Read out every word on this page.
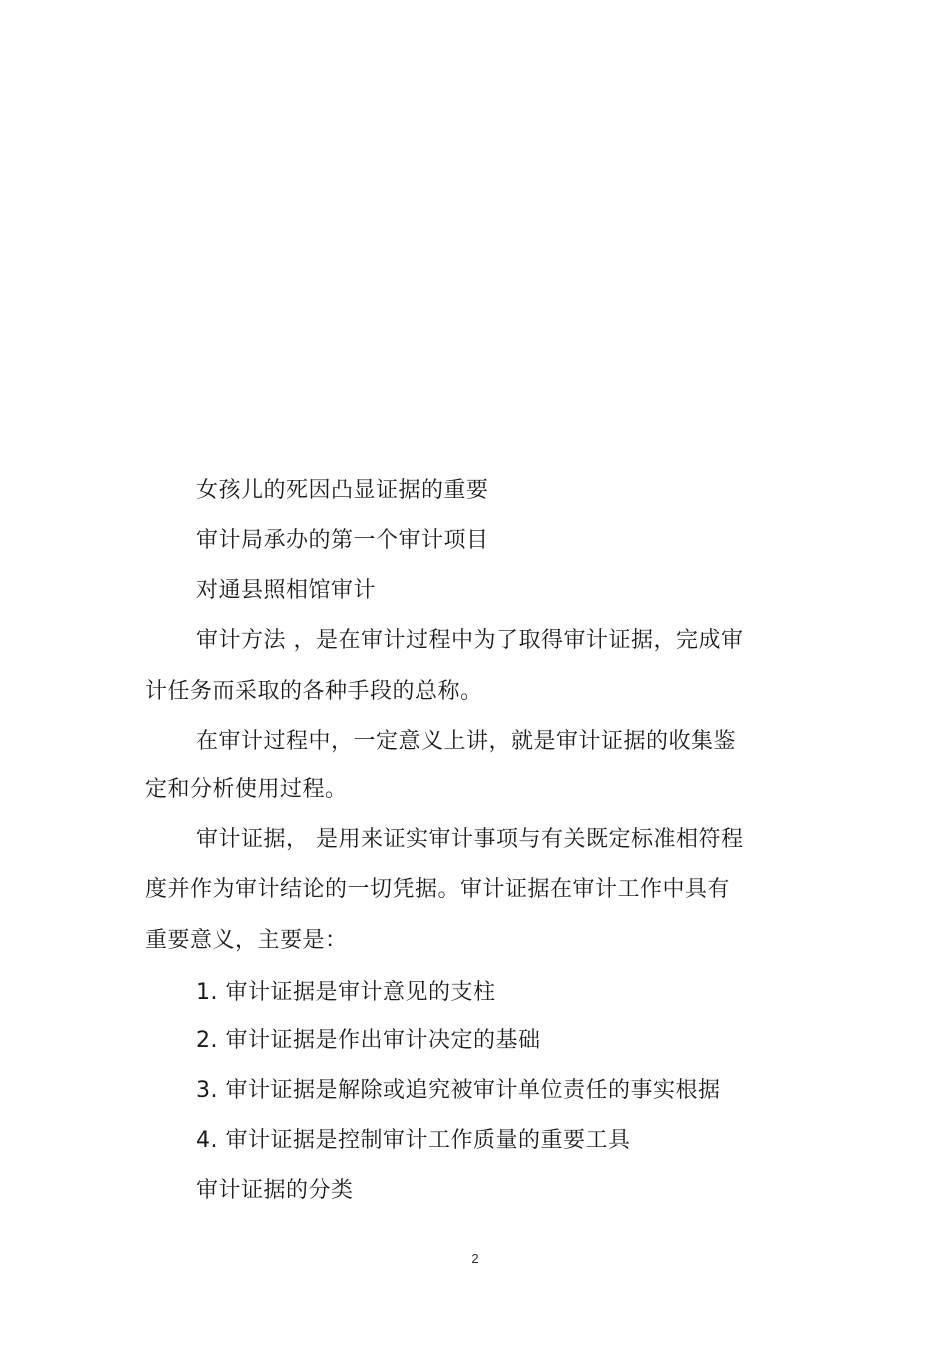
女孩儿的死因凸显证据的重要
审计局承办的第一个审计项目
对通县照相馆审计
审计方法 ，是在审计过程中为了取得审计证据，完成审
计任务而采取的各种手段的总称。
在审计过程中，一定意义上讲，就是审计证据的收集鉴
定和分析使用过程。
审计证据， 是用来证实审计事项与有关既定标准相符程
度并作为审计结论的一切凭据。审计证据在审计工作中具有
重要意义，主要是：
1. 审计证据是审计意见的支柱
2. 审计证据是作出审计决定的基础
3. 审计证据是解除或追究被审计单位责任的事实根据
4. 审计证据是控制审计工作质量的重要工具
审计证据的分类
2
